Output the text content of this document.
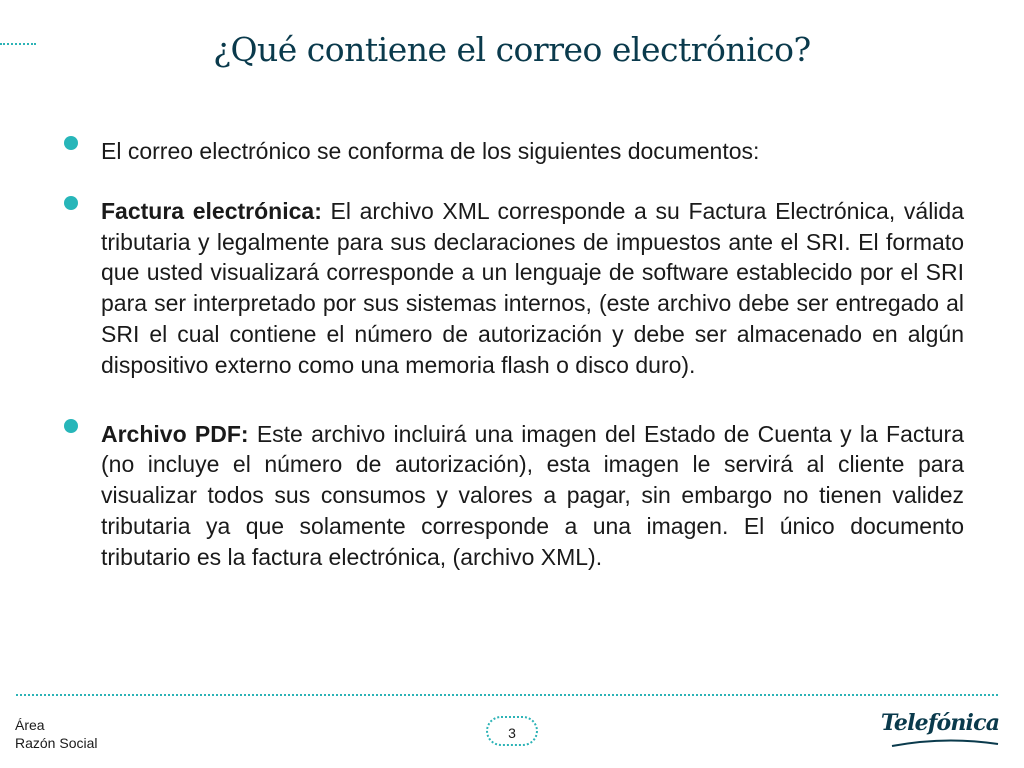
¿Qué contiene el correo electrónico?
El correo electrónico se conforma de los siguientes documentos:
Factura electrónica: El archivo XML corresponde a su Factura Electrónica, válida tributaria y legalmente para sus declaraciones de impuestos ante el SRI. El formato que usted visualizará corresponde a un lenguaje de software establecido por el SRI para ser interpretado por sus sistemas internos, (este archivo debe ser entregado al SRI el cual contiene el número de autorización y debe ser almacenado en algún dispositivo externo como una memoria flash o disco duro).
Archivo PDF: Este archivo incluirá una imagen del Estado de Cuenta y la Factura (no incluye el número de autorización), esta imagen le servirá al cliente para visualizar todos sus consumos y valores a pagar, sin embargo no tienen validez tributaria ya que solamente corresponde a una imagen. El único documento tributario es la factura electrónica, (archivo XML).
Área
Razón Social
3	Telefónica
